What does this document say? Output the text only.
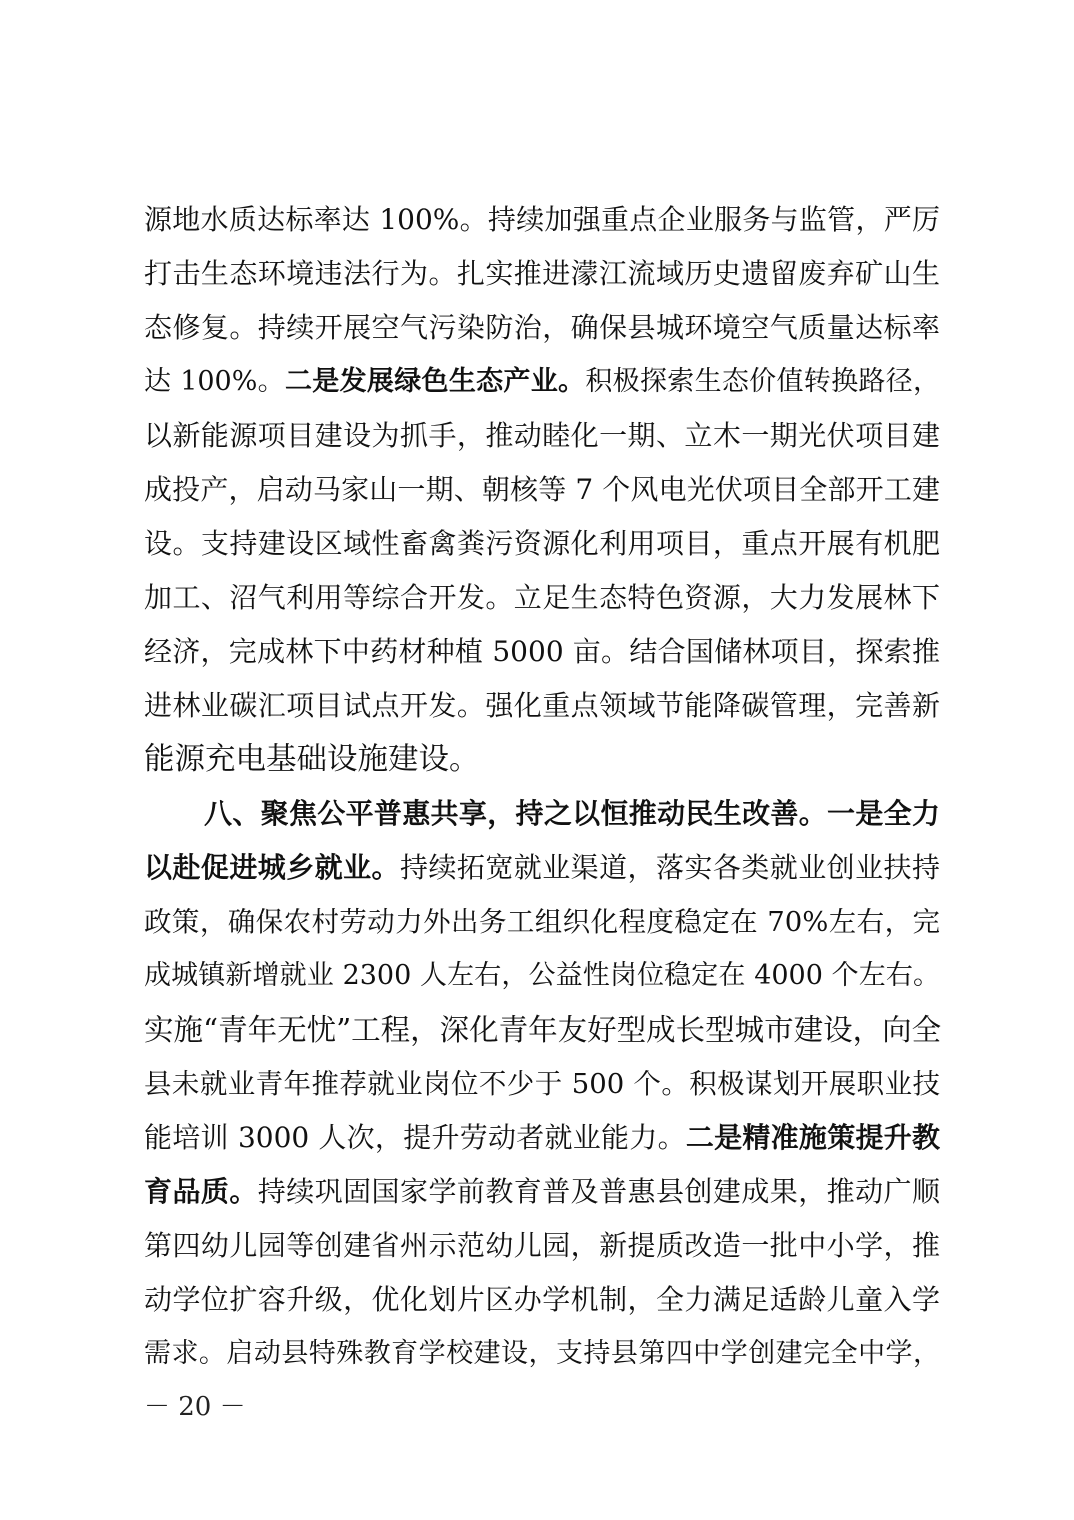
源地水质达标率达 100%。持续加强重点企业服务与监管，严厉
打击生态环境违法行为。扎实推进濛江流域历史遗留废弃矿山生
态修复。持续开展空气污染防治，确保县城环境空气质量达标率
达 100%。二是发展绿色生态产业。积极探索生态价值转换路径，
以新能源项目建设为抓手，推动睦化一期、立木一期光伏项目建
成投产，启动马家山一期、朝核等 7 个风电光伏项目全部开工建
设。支持建设区域性畜禽粪污资源化利用项目，重点开展有机肥
加工、沼气利用等综合开发。立足生态特色资源，大力发展林下
经济，完成林下中药材种植 5000 亩。结合国储林项目，探索推
进林业碳汇项目试点开发。强化重点领域节能降碳管理，完善新
能源充电基础设施建设。
八、聚焦公平普惠共享，持之以恒推动民生改善。一是全力
以赴促进城乡就业。持续拓宽就业渠道，落实各类就业创业扶持
政策，确保农村劳动力外出务工组织化程度稳定在 70%左右，完
成城镇新增就业 2300 人左右，公益性岗位稳定在 4000 个左右。
实施“青年无忧”工程，深化青年友好型成长型城市建设，向全
县未就业青年推荐就业岗位不少于 500 个。积极谋划开展职业技
能培训 3000 人次，提升劳动者就业能力。二是精准施策提升教
育品质。持续巩固国家学前教育普及普惠县创建成果，推动广顺
第四幼儿园等创建省州示范幼儿园，新提质改造一批中小学，推
动学位扩容升级，优化划片区办学机制，全力满足适龄儿童入学
需求。启动县特殊教育学校建设，支持县第四中学创建完全中学，
－ 20 －
